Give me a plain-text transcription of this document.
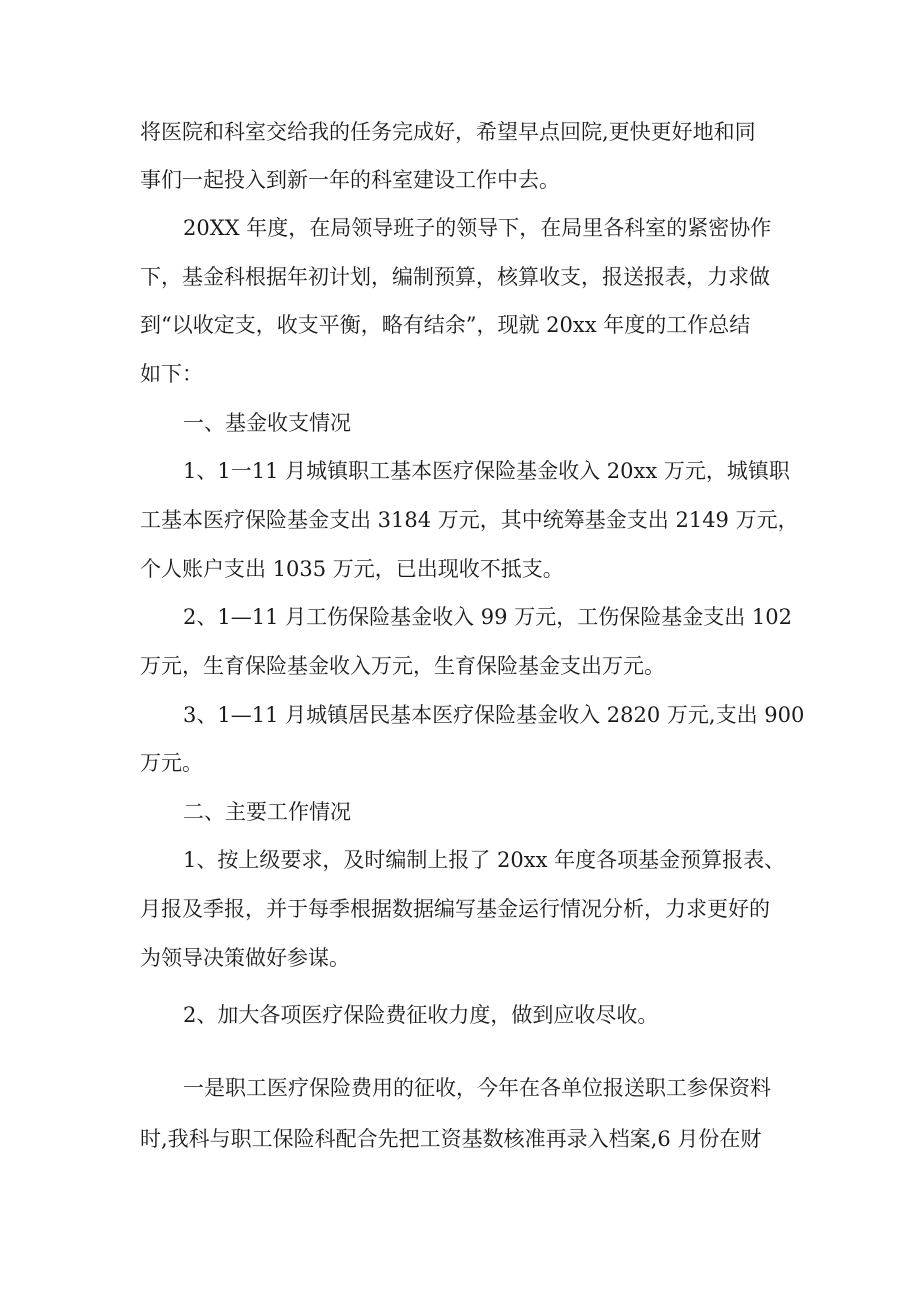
将医院和科室交给我的任务完成好，希望早点回院,更快更好地和同

事们一起投入到新一年的科室建设工作中去。

20XX 年度，在局领导班子的领导下，在局里各科室的紧密协作

下，基金科根据年初计划，编制预算，核算收支，报送报表，力求做

到“以收定支，收支平衡，略有结余”，现就 20xx 年度的工作总结

如下：

一、基金收支情况

1、1一11 月城镇职工基本医疗保险基金收入 20xx 万元，城镇职

工基本医疗保险基金支出 3184 万元，其中统筹基金支出 2149 万元，

个人账户支出 1035 万元，已出现收不抵支。

2、1—11 月工伤保险基金收入 99 万元，工伤保险基金支出 102

万元，生育保险基金收入万元，生育保险基金支出万元。

3、1—11 月城镇居民基本医疗保险基金收入 2820 万元,支出 900

万元。

二、主要工作情况

1、按上级要求，及时编制上报了 20xx 年度各项基金预算报表、

月报及季报，并于每季根据数据编写基金运行情况分析，力求更好的

为领导决策做好参谋。

2、加大各项医疗保险费征收力度，做到应收尽收。

一是职工医疗保险费用的征收，今年在各单位报送职工参保资料

时,我科与职工保险科配合先把工资基数核准再录入档案,6 月份在财
